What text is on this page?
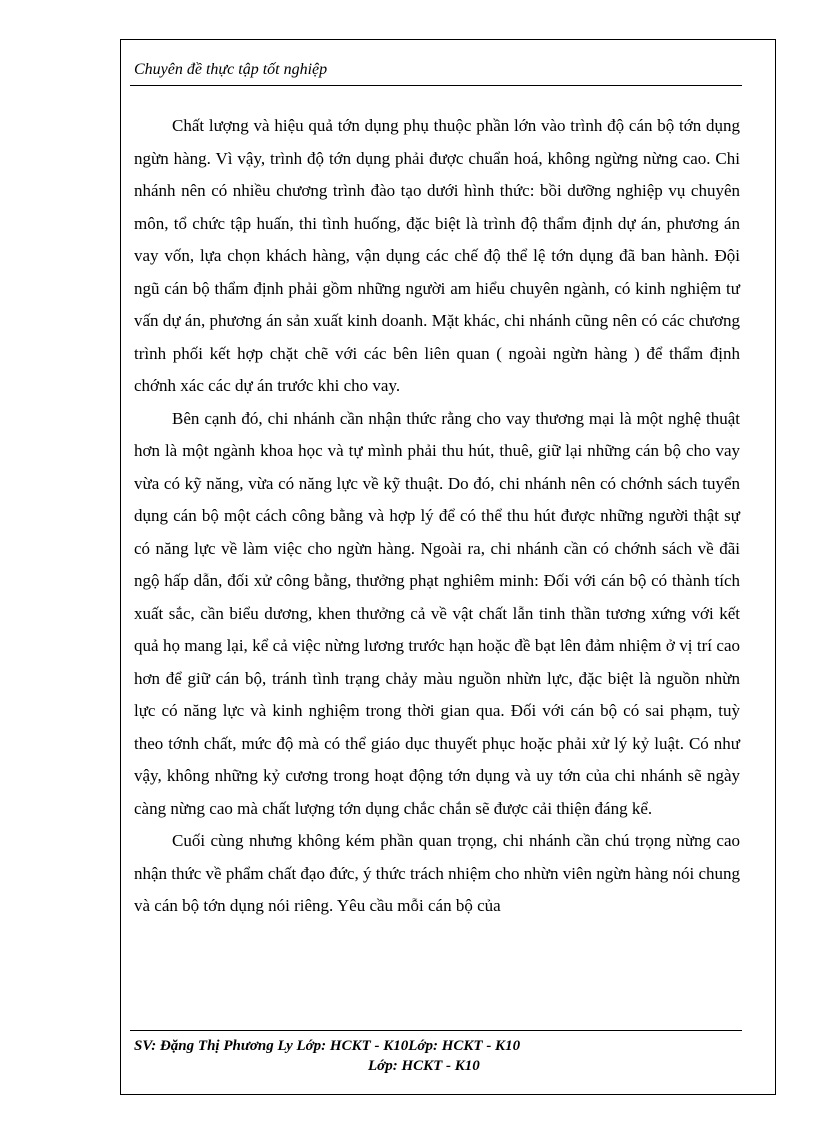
Chuyên đề thực tập tốt nghiệp

Chất lượng và hiệu quả tớn dụng phụ thuộc phần lớn vào trình độ cán bộ tớn dụng ngừn hàng. Vì vậy, trình độ tớn dụng phải được chuẩn hoá, không ngừng nừng cao. Chi nhánh nên có nhiều chương trình đào tạo dưới hình thức: bồi dưỡng nghiệp vụ chuyên môn, tổ chức tập huấn, thi tình huống, đặc biệt là trình độ thẩm định dự án, phương án vay vốn, lựa chọn khách hàng, vận dụng các chế độ thể lệ tớn dụng đã ban hành. Đội ngũ cán bộ thẩm định phải gồm những người am hiểu chuyên ngành, có kinh nghiệm tư vấn dự án, phương án sản xuất kinh doanh. Mặt khác, chi nhánh cũng nên có các chương trình phối kết hợp chặt chẽ với các bên liên quan ( ngoài ngừn hàng ) để thẩm định chớnh xác các dự án trước khi cho vay.

Bên cạnh đó, chi nhánh cần nhận thức rằng cho vay thương mại là một nghệ thuật hơn là một ngành khoa học và tự mình phải thu hút, thuê, giữ lại những cán bộ cho vay vừa có kỹ năng, vừa có năng lực về kỹ thuật. Do đó, chi nhánh nên có chớnh sách tuyển dụng cán bộ một cách công bằng và hợp lý để có thể thu hút được những người thật sự có năng lực về làm việc cho ngừn hàng. Ngoài ra, chi nhánh cần có chớnh sách về đãi ngộ hấp dẫn, đối xử công bằng, thưởng phạt nghiêm minh: Đối với cán bộ có thành tích xuất sắc, cần biểu dương, khen thưởng cả về vật chất lẫn tinh thần tương xứng với kết quả họ mang lại, kể cả việc nừng lương trước hạn hoặc đề bạt lên đảm nhiệm ở vị trí cao hơn để giữ cán bộ, tránh tình trạng chảy màu nguồn nhừn lực, đặc biệt là nguồn nhừn lực có năng lực và kinh nghiệm trong thời gian qua. Đối với cán bộ có sai phạm, tuỳ theo tớnh chất, mức độ mà có thể giáo dục thuyết phục hoặc phải xử lý kỷ luật. Có như vậy, không những kỷ cương trong hoạt động tớn dụng và uy tớn của chi nhánh sẽ ngày càng nừng cao mà chất lượng tớn dụng chắc chắn sẽ được cải thiện đáng kể.

Cuối cùng nhưng không kém phần quan trọng, chi nhánh cần chú trọng nừng cao nhận thức về phẩm chất đạo đức, ý thức trách nhiệm cho nhừn viên ngừn hàng nói chung và cán bộ tớn dụng nói riêng. Yêu cầu mỗi cán bộ của

SV: Đặng Thị Phương Ly Lớp: HCKT - K10Lớp: HCKT - K10
Lớp: HCKT - K10
